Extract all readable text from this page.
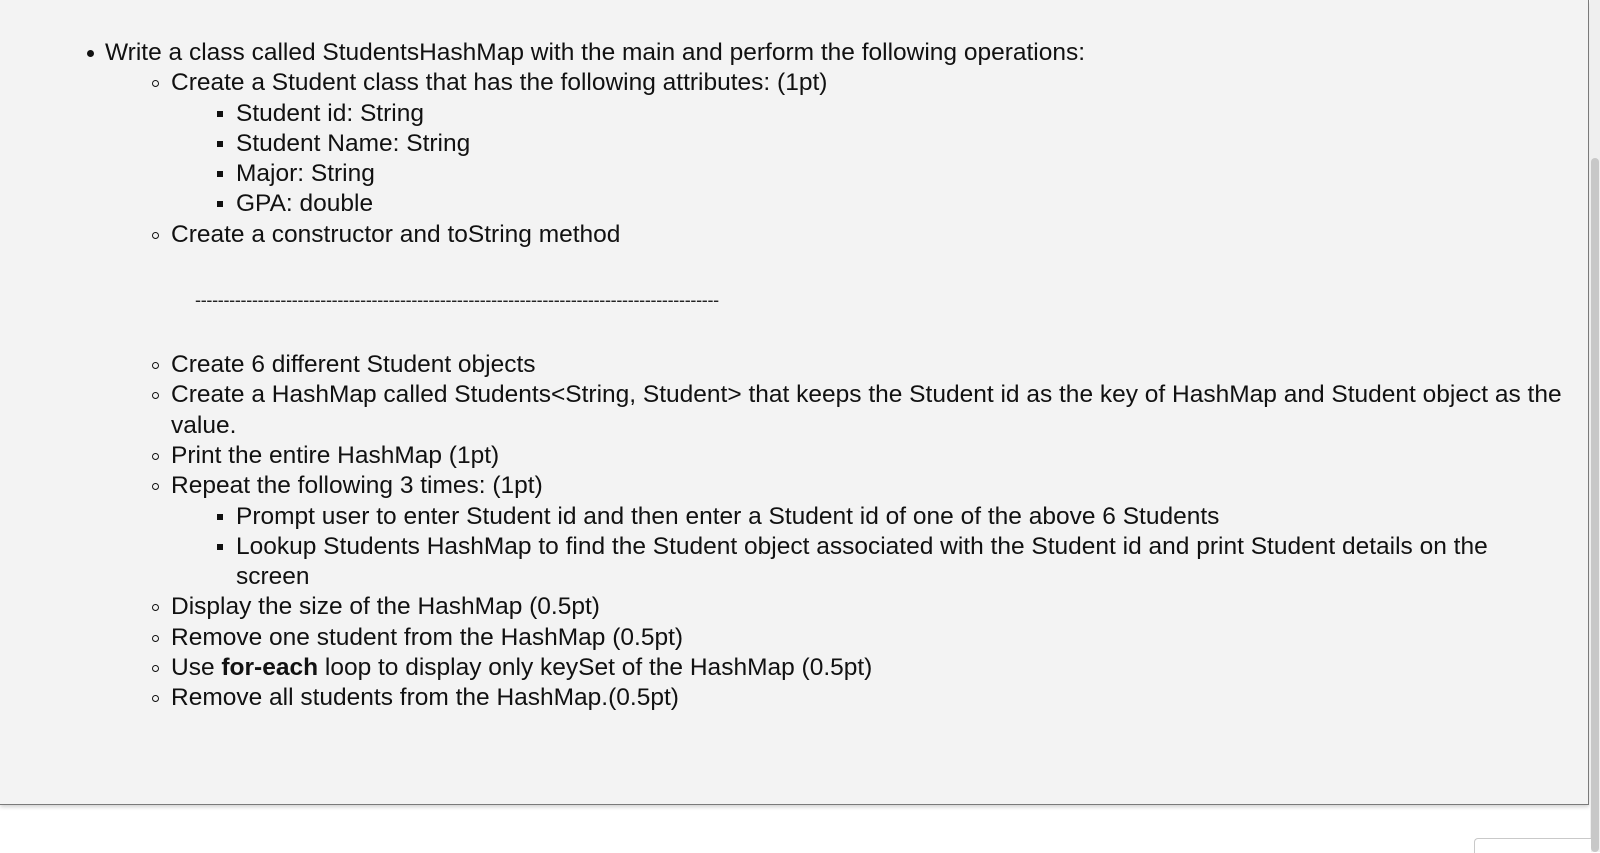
Write a class called StudentsHashMap with the main and perform the following operations:
Create a Student class that has the following attributes: (1pt)
Student id: String
Student Name: String
Major: String
GPA: double
Create a constructor and toString method
--------------------------------------------------------------------------------------------
Create 6 different Student objects
Create a HashMap called Students<String, Student> that keeps the Student id as the key of HashMap and Student object as the value.
Print the entire HashMap (1pt)
Repeat the following 3 times: (1pt)
Prompt user to enter Student id and then enter a Student id of one of the above 6 Students
Lookup Students HashMap to find the Student object associated with the Student id and print Student details on the screen
Display the size of the HashMap (0.5pt)
Remove one student from the HashMap (0.5pt)
Use for-each loop to display only keySet of the HashMap (0.5pt)
Remove all students from the HashMap.(0.5pt)
